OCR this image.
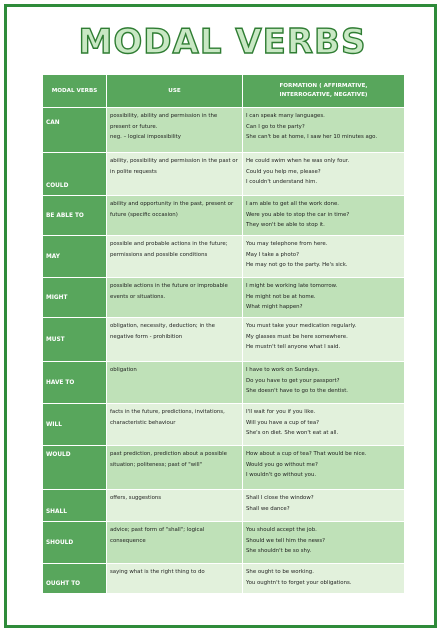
MODAL VERBS
MODAL VERBS	USE	FORMATION ( AFFIRMATIVE,
INTERROGATIVE, NEGATIVE)

CAN	possibility, ability and permission in the present or future.
neg. – logical impossibility	I can speak many languages.
Can I go to the party?
She can't be at home, I saw her 10 minutes ago.

COULD	ability, possibility and permission in the past or in polite requests	He could swim when he was only four.
Could you help me, please?
I couldn't understand him.

BE ABLE TO	ability and opportunity in the past, present or future (specific occasion)	I am able to get all the work done.
Were you able to stop the car in time?
They won't be able to stop it.

MAY	possible and probable actions in the future; permissions and possible conditions	You may telephone from here.
May I take a photo?
He may not go to the party. He's sick.

MIGHT	possible actions in the future or improbable events or situations.	I might be working late tomorrow.
He might not be at home.
What might happen?

MUST	obligation, necessity, deduction; in the negative form - prohibition	You must take your medication regularly.
My glasses must be here somewhere.
He mustn't tell anyone what I said.

HAVE TO	obligation	I have to work on Sundays.
Do you have to get your passport?
She doesn't have to go to the dentist.

WILL	facts in the future, predictions, invitations, characteristic behaviour	I'll wait for you if you like.
Will you have a cup of tea?
She's on diet. She won't eat at all.

WOULD	past prediction, prediction about a possible situation; politeness; past of "will"	How about a cup of tea? That would be nice.
Would you go without me?
I wouldn't go without you.

SHALL	offers, suggestions	Shall I close the window?
Shall we dance?

SHOULD	advice; past form of "shall"; logical consequence	You should accept the job.
Should we tell him the news?
She shouldn't be so shy.

OUGHT TO	saying what is the right thing to do	She ought to be working.
You oughtn't to forget your obligations.
